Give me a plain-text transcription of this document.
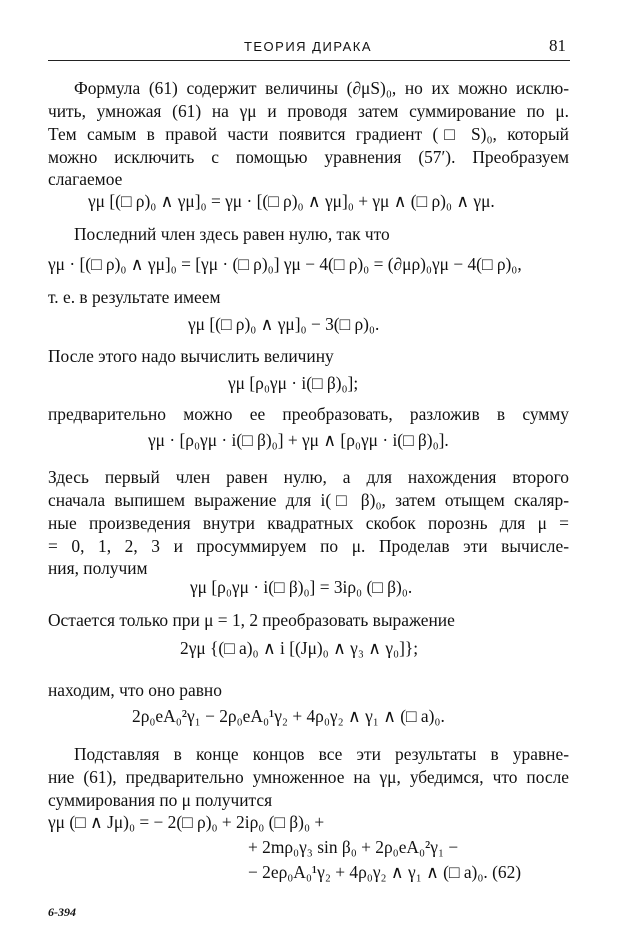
ТЕОРИЯ ДИРАКА	81
Формула (61) содержит величины (∂μS)₀, но их можно исклю-
чить, умножая (61) на γμ и проводя затем суммирование по μ.
Тем самым в правой части появится градиент (□ S)₀, который
можно исключить с помощью уравнения (57′). Преобразуем
слагаемое
γμ [(□ ρ)₀ ∧ γμ]₀ = γμ · [(□ ρ)₀ ∧ γμ]₀ + γμ ∧ (□ ρ)₀ ∧ γμ.
Последний член здесь равен нулю, так что
γμ · [(□ ρ)₀ ∧ γμ]₀ = [γμ · (□ ρ)₀] γμ − 4(□ ρ)₀ = (∂μρ)₀γμ − 4(□ ρ)₀,
т. е. в результате имеем
γμ [(□ ρ)₀ ∧ γμ]₀ − 3(□ ρ)₀.
После этого надо вычислить величину
γμ [ρ₀γμ · i(□ β)₀];
предварительно можно ее преобразовать, разложив в сумму
γμ · [ρ₀γμ · i(□ β)₀] + γμ ∧ [ρ₀γμ · i(□ β)₀].
Здесь первый член равен нулю, а для нахождения второго
сначала выпишем выражение для i(□ β)₀, затем отыщем скаляр-
ные произведения внутри квадратных скобок порознь для μ =
= 0, 1, 2, 3 и просуммируем по μ. Проделав эти вычисле-
ния, получим
γμ [ρ₀γμ · i(□ β)₀] = 3iρ₀ (□ β)₀.
Остается только при μ = 1, 2 преобразовать выражение
2γμ {(□ a)₀ ∧ i [(Jμ)₀ ∧ γ₃ ∧ γ₀]};
находим, что оно равно
2ρ₀eA₀²γ₁ − 2ρ₀eA₀¹γ₂ + 4ρ₀γ₂ ∧ γ₁ ∧ (□ a)₀.
Подставляя в конце концов все эти результаты в уравне-
ние (61), предварительно умноженное на γμ, убедимся, что после
суммирования по μ получится
γμ (□ ∧ Jμ)₀ = − 2(□ ρ)₀ + 2iρ₀ (□ β)₀ +
+ 2mρ₀γ₃ sin β₀ + 2ρ₀eA₀²γ₁ −
− 2eρ₀A₀¹γ₂ + 4ρ₀γ₂ ∧ γ₁ ∧ (□ a)₀. (62)
6-394
